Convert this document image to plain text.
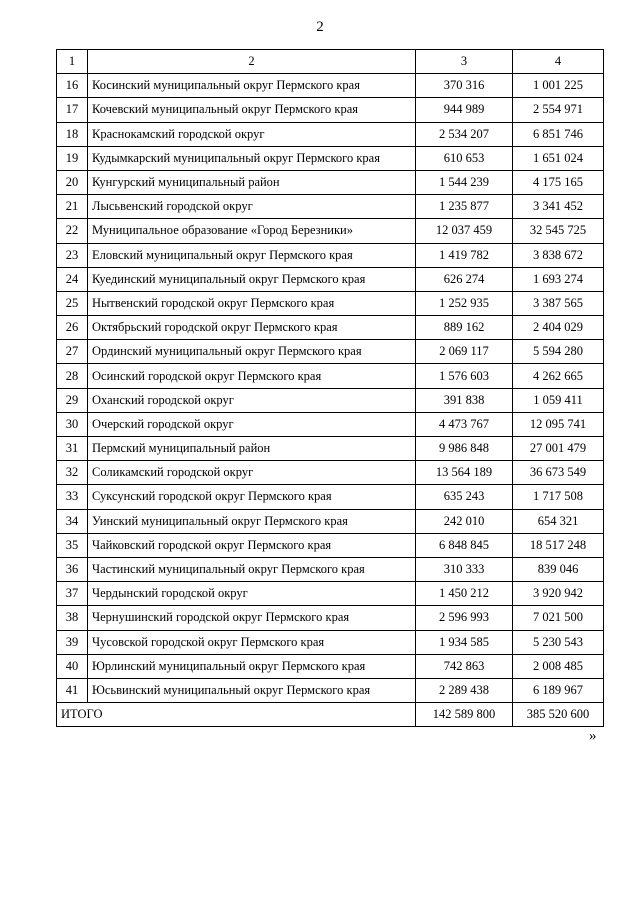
2
1	2	3	4
16	Косинский муниципальный округ Пермского края	370 316	1 001 225
17	Кочевский муниципальный округ Пермского края	944 989	2 554 971
18	Краснокамский городской округ	2 534 207	6 851 746
19	Кудымкарский муниципальный округ Пермского края	610 653	1 651 024
20	Кунгурский муниципальный район	1 544 239	4 175 165
21	Лысьвенский городской округ	1 235 877	3 341 452
22	Муниципальное образование «Город Березники»	12 037 459	32 545 725
23	Еловский муниципальный округ Пермского края	1 419 782	3 838 672
24	Куединский муниципальный округ Пермского края	626 274	1 693 274
25	Нытвенский городской округ Пермского края	1 252 935	3 387 565
26	Октябрьский городской округ Пермского края	889 162	2 404 029
27	Ординский муниципальный округ Пермского края	2 069 117	5 594 280
28	Осинский городской округ Пермского края	1 576 603	4 262 665
29	Оханский городской округ	391 838	1 059 411
30	Очерский городской округ	4 473 767	12 095 741
31	Пермский муниципальный район	9 986 848	27 001 479
32	Соликамский городской округ	13 564 189	36 673 549
33	Суксунский городской округ Пермского края	635 243	1 717 508
34	Уинский муниципальный округ Пермского края	242 010	654 321
35	Чайковский городской округ Пермского края	6 848 845	18 517 248
36	Частинский муниципальный округ Пермского края	310 333	839 046
37	Чердынский городской округ	1 450 212	3 920 942
38	Чернушинский городской округ Пермского края	2 596 993	7 021 500
39	Чусовской городской округ Пермского края	1 934 585	5 230 543
40	Юрлинский муниципальный округ Пермского края	742 863	2 008 485
41	Юсьвинский муниципальный округ Пермского края	2 289 438	6 189 967
ИТОГО		142 589 800	385 520 600
»
